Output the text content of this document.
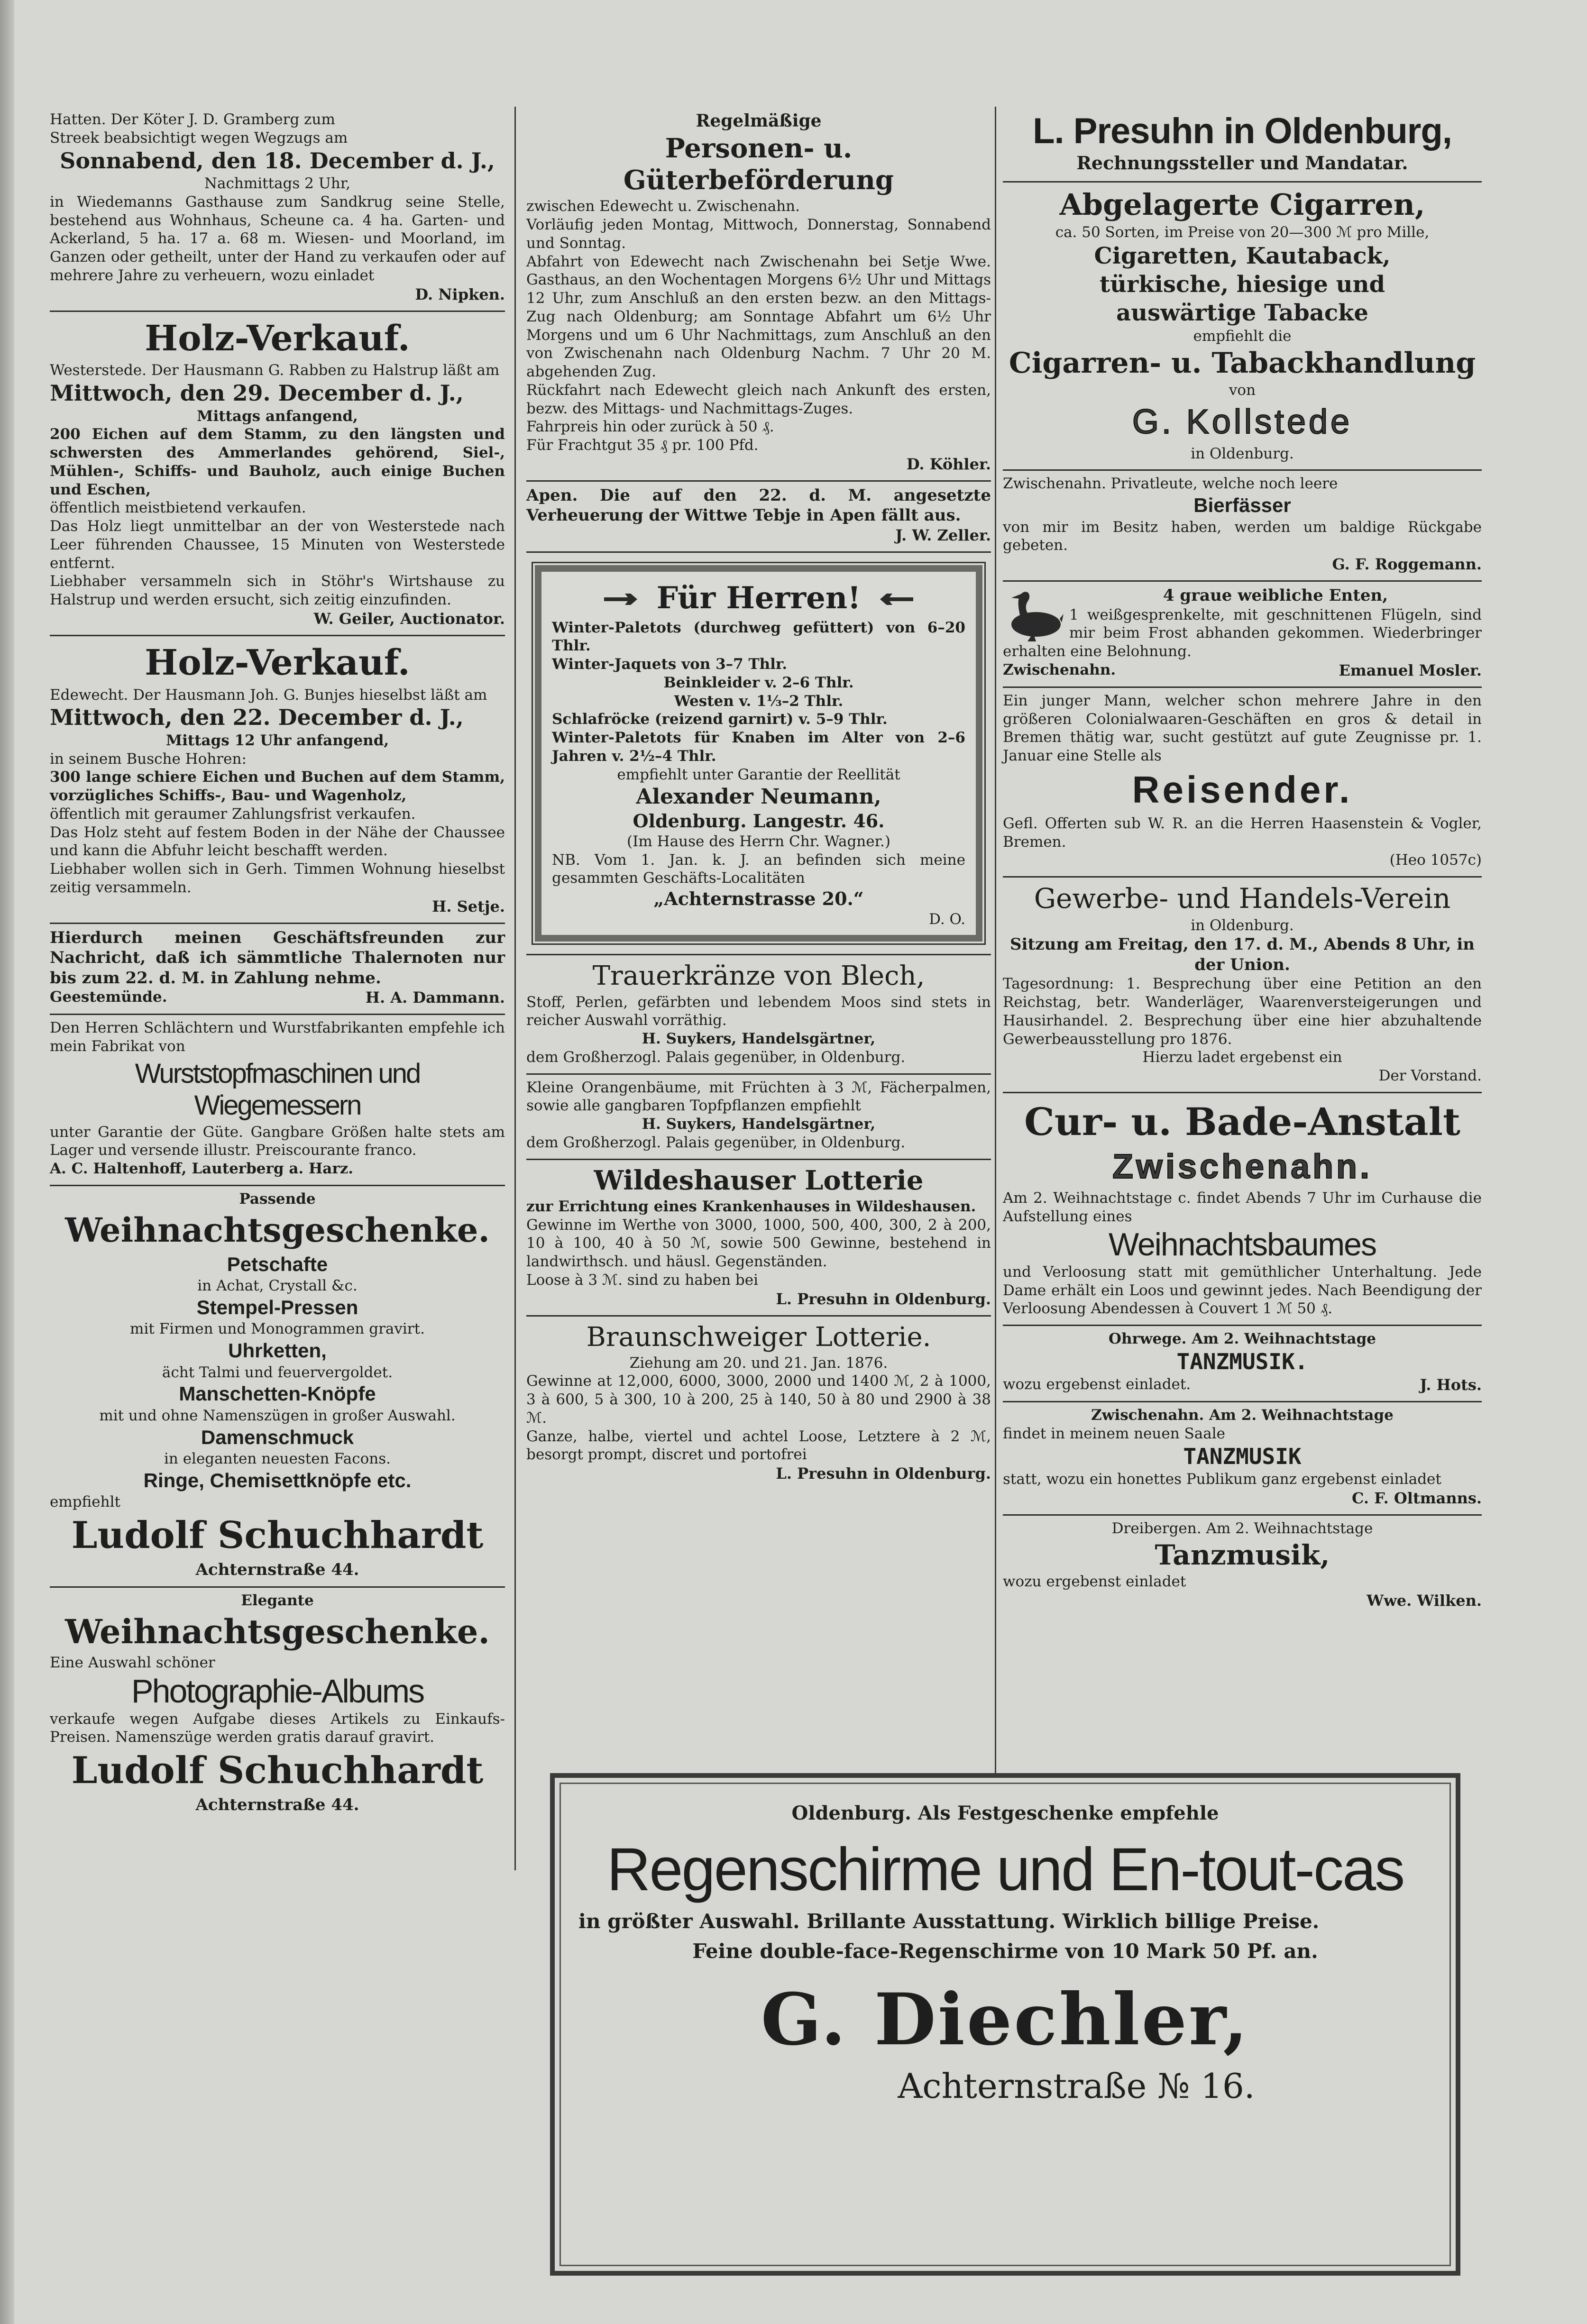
Hatten. Der Köter J. D. Gramberg zum

Streek beabsichtigt wegen Wegzugs am

Sonnabend, den 18. December d. J.,

Nachmittags 2 Uhr,

in Wiedemanns Gasthause zum Sandkrug seine Stelle, bestehend aus Wohnhaus, Scheune ca. 4 ha. Garten- und Ackerland, 5 ha. 17 a. 68 m. Wiesen- und Moorland, im Ganzen oder getheilt, unter der Hand zu verkaufen oder auf mehrere Jahre zu verheuern, wozu einladet

D. Nipken.

Holz-Verkauf.

Westerstede. Der Hausmann G. Rabben zu Halstrup läßt am

Mittwoch, den 29. December d. J.,

Mittags anfangend,

200 Eichen auf dem Stamm, zu den längsten und schwersten des Ammerlandes gehörend, Siel-, Mühlen-, Schiffs- und Bauholz, auch einige Buchen und Eschen,

öffentlich meistbietend verkaufen.

Das Holz liegt unmittelbar an der von Westerstede nach Leer führenden Chaussee, 15 Minuten von Westerstede entfernt.

Liebhaber versammeln sich in Stöhr's Wirtshause zu Halstrup und werden ersucht, sich zeitig einzufinden.

W. Geiler, Auctionator.

Holz-Verkauf.

Edewecht. Der Hausmann Joh. G. Bunjes hieselbst läßt am

Mittwoch, den 22. December d. J.,

Mittags 12 Uhr anfangend,

in seinem Busche Hohren:

300 lange schiere Eichen und Buchen auf dem Stamm, vorzügliches Schiffs-, Bau- und Wagenholz,

öffentlich mit geraumer Zahlungsfrist verkaufen.

Das Holz steht auf festem Boden in der Nähe der Chaussee und kann die Abfuhr leicht beschafft werden.

Liebhaber wollen sich in Gerh. Timmen Wohnung hieselbst zeitig versammeln.

H. Setje.

Hierdurch meinen Geschäftsfreunden zur Nachricht, daß ich sämmtliche Thalernoten nur bis zum 22. d. M. in Zahlung nehme.

Geestemünde.	H. A. Dammann.

Den Herren Schlächtern und Wurstfabrikanten empfehle ich mein Fabrikat von

Wurststopfmaschinen und Wiegemessern

unter Garantie der Güte. Gangbare Größen halte stets am Lager und versende illustr. Preiscourante franco.

A. C. Haltenhoff, Lauterberg a. Harz.

Passende

Weihnachtsgeschenke.
Petschafte

in Achat, Crystall &c.

Stempel-Pressen

mit Firmen und Monogrammen gravirt.

Uhrketten,

ächt Talmi und feuervergoldet.

Manschetten-Knöpfe

mit und ohne Namenszügen in großer Auswahl.

Damenschmuck

in eleganten neuesten Facons.

Ringe, Chemisettknöpfe etc.

empfiehlt

Ludolf Schuchhardt

Achternstraße 44.

Elegante

Weihnachtsgeschenke.

Eine Auswahl schöner

Photographie-Albums

verkaufe wegen Aufgabe dieses Artikels zu Einkaufs-Preisen. Namenszüge werden gratis darauf gravirt.

Ludolf Schuchhardt

Achternstraße 44.

Regelmäßige

Personen- u. Güterbeförderung

zwischen Edewecht u. Zwischenahn.

Vorläufig jeden Montag, Mittwoch, Donnerstag, Sonnabend und Sonntag.

Abfahrt von Edewecht nach Zwischenahn bei Setje Wwe. Gasthaus, an den Wochentagen Morgens 6½ Uhr und Mittags 12 Uhr, zum Anschluß an den ersten bezw. an den Mittags-Zug nach Oldenburg; am Sonntage Abfahrt um 6½ Uhr Morgens und um 6 Uhr Nachmittags, zum Anschluß an den von Zwischenahn nach Oldenburg Nachm. 7 Uhr 20 M. abgehenden Zug.

Rückfahrt nach Edewecht gleich nach Ankunft des ersten, bezw. des Mittags- und Nachmittags-Zuges.

Fahrpreis hin oder zurück à 50 ₰.

Für Frachtgut 35 ₰ pr. 100 Pfd.

D. Köhler.

Apen. Die auf den 22. d. M. angesetzte Verheuerung der Wittwe Tebje in Apen fällt aus.

J. W. Zeller.

Für Herren!

Winter-Paletots (durchweg gefüttert) von 6–20 Thlr.

Winter-Jaquets von 3–7 Thlr.

Beinkleider v. 2–6 Thlr.

Westen v. 1⅓–2 Thlr.

Schlafröcke (reizend garnirt) v. 5–9 Thlr.

Winter-Paletots für Knaben im Alter von 2–6 Jahren v. 2½–4 Thlr.

empfiehlt unter Garantie der Reellität

Alexander Neumann,

Oldenburg. Langestr. 46.

(Im Hause des Herrn Chr. Wagner.)

NB. Vom 1. Jan. k. J. an befinden sich meine gesammten Geschäfts-Localitäten

„Achternstrasse 20.“

D. O.

Trauerkränze von Blech,

Stoff, Perlen, gefärbten und lebendem Moos sind stets in reicher Auswahl vorräthig.

H. Suykers, Handelsgärtner,

dem Großherzogl. Palais gegenüber, in Oldenburg.

Kleine Orangenbäume, mit Früchten à 3 ℳ, Fächerpalmen, sowie alle gangbaren Topfpflanzen empfiehlt

H. Suykers, Handelsgärtner,

dem Großherzogl. Palais gegenüber, in Oldenburg.

Wildeshauser Lotterie

zur Errichtung eines Krankenhauses in Wildeshausen.

Gewinne im Werthe von 3000, 1000, 500, 400, 300, 2 à 200, 10 à 100, 40 à 50 ℳ, sowie 500 Gewinne, bestehend in landwirthsch. und häusl. Gegenständen.

Loose à 3 ℳ. sind zu haben bei

L. Presuhn in Oldenburg.

Braunschweiger Lotterie.

Ziehung am 20. und 21. Jan. 1876.

Gewinne at 12,000, 6000, 3000, 2000 und 1400 ℳ, 2 à 1000, 3 à 600, 5 à 300, 10 à 200, 25 à 140, 50 à 80 und 2900 à 38 ℳ.

Ganze, halbe, viertel und achtel Loose, Letztere à 2 ℳ, besorgt prompt, discret und portofrei

L. Presuhn in Oldenburg.

L. Presuhn in Oldenburg,

Rechnungssteller und Mandatar.

Abgelagerte Cigarren,

ca. 50 Sorten, im Preise von 20—300 ℳ pro Mille,

Cigaretten, Kautaback,

türkische, hiesige und

auswärtige Tabacke

empfiehlt die

Cigarren- u. Tabackhandlung

von

G. Kollstede

in Oldenburg.

Zwischenahn. Privatleute, welche noch leere

Bierfässer

von mir im Besitz haben, werden um baldige Rückgabe gebeten.

G. F. Roggemann.

4 graue weibliche Enten,

1 weißgesprenkelte, mit geschnittenen Flügeln, sind mir beim Frost abhanden gekommen. Wiederbringer erhalten eine Belohnung.

Zwischenahn.	Emanuel Mosler.

Ein junger Mann, welcher schon mehrere Jahre in den größeren Colonialwaaren-Geschäften en gros & detail in Bremen thätig war, sucht gestützt auf gute Zeugnisse pr. 1. Januar eine Stelle als

Reisender.

Gefl. Offerten sub W. R. an die Herren Haasenstein & Vogler, Bremen.

(Heo 1057c)

Gewerbe- und Handels-Verein

in Oldenburg.

Sitzung am Freitag, den 17. d. M., Abends 8 Uhr, in der Union.

Tagesordnung: 1. Besprechung über eine Petition an den Reichstag, betr. Wanderläger, Waarenversteigerungen und Hausirhandel. 2. Besprechung über eine hier abzuhaltende Gewerbeausstellung pro 1876.

Hierzu ladet ergebenst ein

Der Vorstand.

Cur- u. Bade-Anstalt
Zwischenahn.

Am 2. Weihnachtstage c. findet Abends 7 Uhr im Curhause die Aufstellung eines

Weihnachtsbaumes

und Verloosung statt mit gemüthlicher Unterhaltung. Jede Dame erhält ein Loos und gewinnt jedes. Nach Beendigung der Verloosung Abendessen à Couvert 1 ℳ 50 ₰.

Ohrwege. Am 2. Weihnachtstage

TANZMUSIK.

wozu ergebenst einladet.	J. Hots.

Zwischenahn. Am 2. Weihnachtstage

findet in meinem neuen Saale

TANZMUSIK

statt, wozu ein honettes Publikum ganz ergebenst einladet

C. F. Oltmanns.

Dreibergen. Am 2. Weihnachtstage

Tanzmusik,

wozu ergebenst einladet

Wwe. Wilken.

Oldenburg. Als Festgeschenke empfehle

Regenschirme und En-tout-cas

in größter Auswahl. Brillante Ausstattung. Wirklich billige Preise.

Feine double-face-Regenschirme von 10 Mark 50 Pf. an.

G. Diechler,
Achternstraße № 16.
